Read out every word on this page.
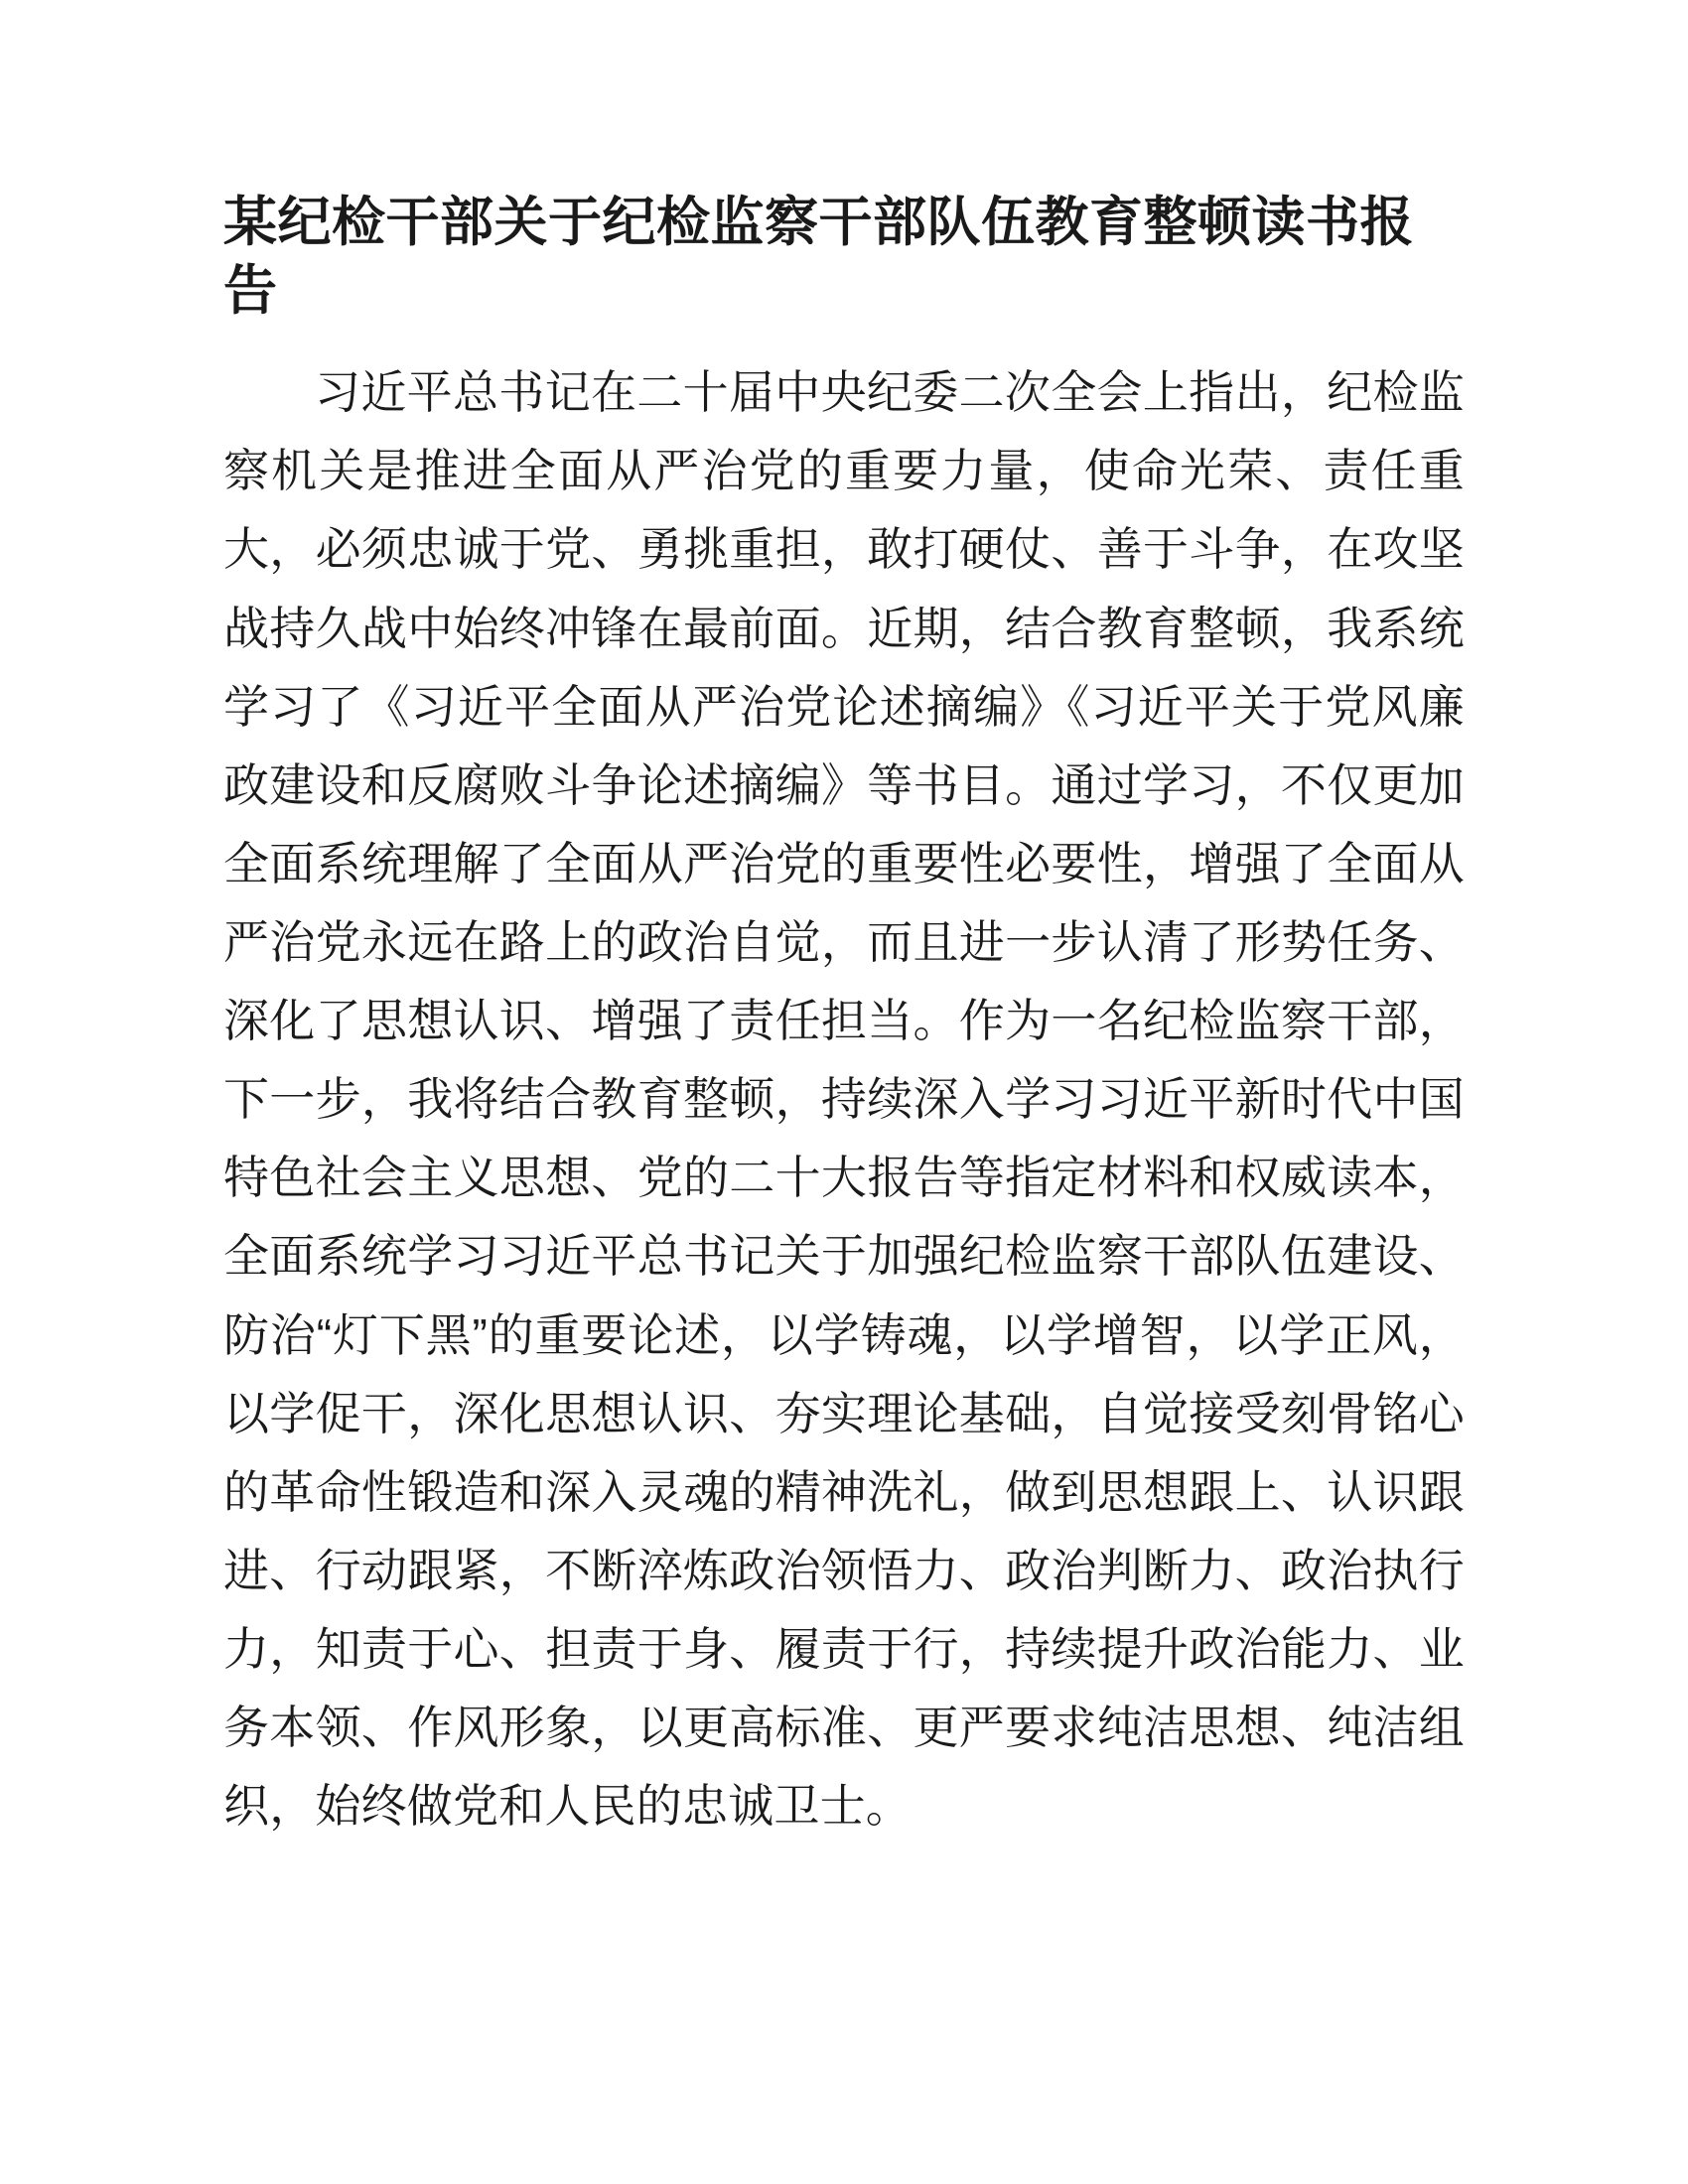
某纪检干部关于纪检监察干部队伍教育整顿读书报告

习近平总书记在二十届中央纪委二次全会上指出，纪检监察机关是推进全面从严治党的重要力量，使命光荣、责任重大，必须忠诚于党、勇挑重担，敢打硬仗、善于斗争，在攻坚战持久战中始终冲锋在最前面。近期，结合教育整顿，我系统学习了《习近平全面从严治党论述摘编》《习近平关于党风廉政建设和反腐败斗争论述摘编》等书目。通过学习，不仅更加全面系统理解了全面从严治党的重要性必要性，增强了全面从严治党永远在路上的政治自觉，而且进一步认清了形势任务、深化了思想认识、增强了责任担当。作为一名纪检监察干部，下一步，我将结合教育整顿，持续深入学习习近平新时代中国特色社会主义思想、党的二十大报告等指定材料和权威读本，全面系统学习习近平总书记关于加强纪检监察干部队伍建设、防治“灯下黑”的重要论述，以学铸魂，以学增智，以学正风，以学促干，深化思想认识、夯实理论基础，自觉接受刻骨铭心的革命性锻造和深入灵魂的精神洗礼，做到思想跟上、认识跟进、行动跟紧，不断淬炼政治领悟力、政治判断力、政治执行力，知责于心、担责于身、履责于行，持续提升政治能力、业务本领、作风形象，以更高标准、更严要求纯洁思想、纯洁组织，始终做党和人民的忠诚卫士。
